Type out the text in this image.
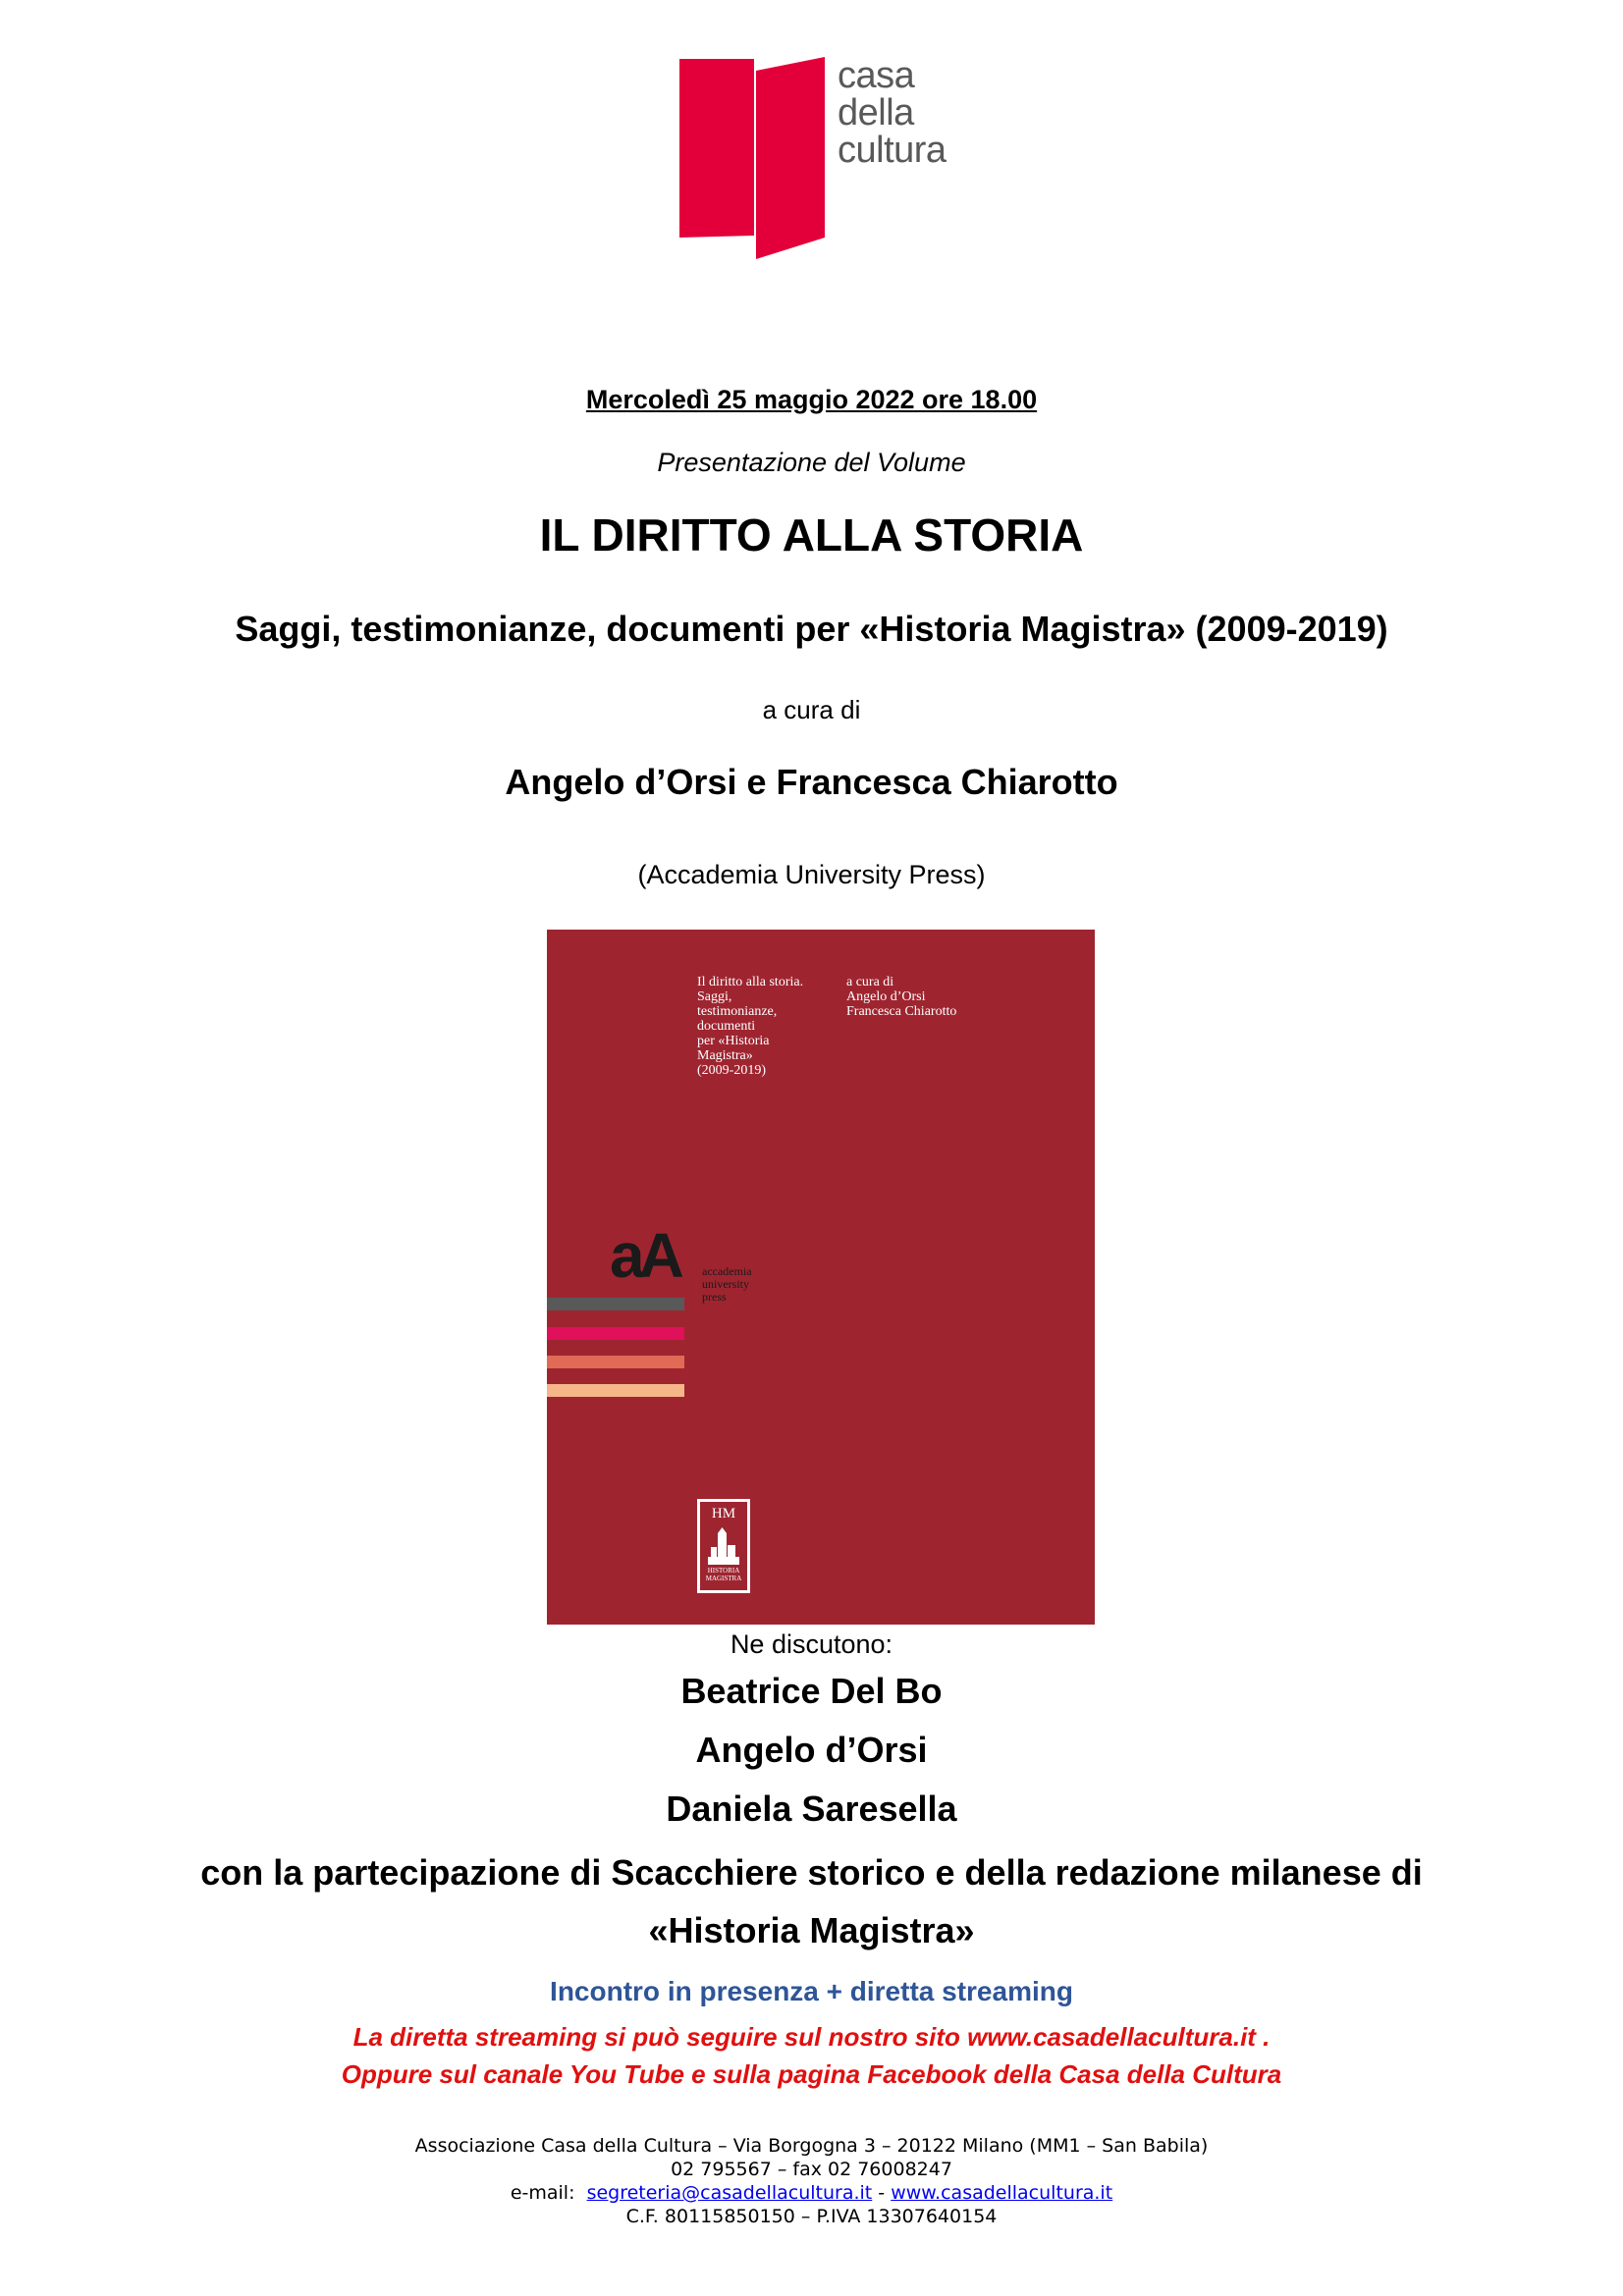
casa
della
cultura
Mercoledì 25 maggio 2022 ore 18.00
Presentazione del Volume
IL DIRITTO ALLA STORIA
Saggi, testimonianze, documenti per «Historia Magistra» (2009-2019)
a cura di
Angelo d’Orsi e Francesca Chiarotto
(Accademia University Press)
Il diritto alla storia.
Saggi,
testimonianze,
documenti
per «Historia
Magistra»
(2009-2019)
a cura di
Angelo d’Orsi
Francesca Chiarotto
aA accademia
university
press
HM
HISTORIA
MAGISTRA
Ne discutono:
Beatrice Del Bo
Angelo d’Orsi
Daniela Saresella
con la partecipazione di Scacchiere storico e della redazione milanese di
«Historia Magistra»
Incontro in presenza + diretta streaming
La diretta streaming si può seguire sul nostro sito www.casadellacultura.it .
Oppure sul canale You Tube e sulla pagina Facebook della Casa della Cultura
Associazione Casa della Cultura – Via Borgogna 3 – 20122 Milano (MM1 – San Babila)
02 795567 – fax 02 76008247
e-mail: segreteria@casadellacultura.it - www.casadellacultura.it
C.F. 80115850150 – P.IVA 13307640154
